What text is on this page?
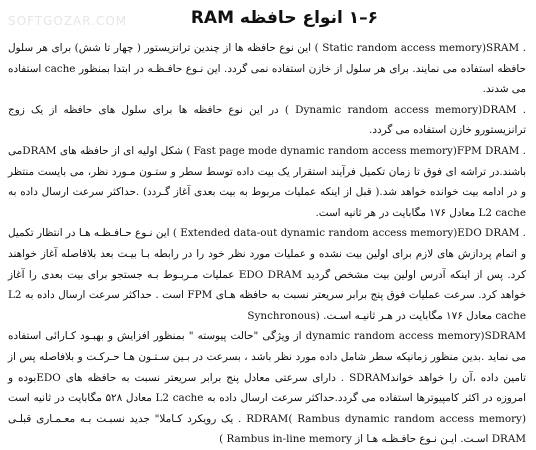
SOFTGOZAR.COM	۶–۱ انواع حافظه RAM

. Static random access memory)SRAM ) این نوع حافظه ها از چندین ترانزیستور ( چهار تا شش) برای هر سلول حافظه استفاده می نمایند. برای هر سلول از خازن استفاده نمی گردد. این نـوع حافـظـه در ابتدا بمنظور cache استفاده می شدند.

. Dynamic random access memory)DRAM ) در این نوع حافظه ها برای سلول های حافظه از یک زوج ترانزیستورو خازن استفاده می گردد.

. Fast page mode dynamic random access memory)FPM DRAM ) شکل اولیه ای از حافظه های DRAMمی باشند.در تراشه ای فوق تا زمان تکمیل فرآیند استقرار یک بیت داده توسط سطر و ستـون مـورد نظر، می بایست منتظر و در ادامه بیت خوانده خواهد شد.( قبل از اینکه عملیات مربوط به بیت بعدی آغاز گـردد) .حداکثر سرعت ارسال داده به L2 cache معادل ۱۷۶ مگابایت در هر ثانیه است.

. Extended data-out dynamic random access memory)EDO DRAM ) این نـوع حـافـظـه هـا در انتظار تکمیل و اتمام پردازش های لازم برای اولین بیت نشده و عملیات مورد نظر خود را در رابطه بـا بیـت بعد بلافاصله آغاز خواهند کرد. پس از اینکه آدرس اولین بیت مشخص گردید EDO DRAM عملیات مـربـوط بـه جستجو برای بیت بعدی را آغاز خواهد کرد. سرعت عملیات فوق پنج برابر سریعتر نسبت به حافظه هـای FPM است . حداکثر سرعت ارسال داده به L2 cache معادل ۱۷۶ مگابایت در هـر ثانیـه اسـت. (Synchronous

dynamic random access memory)SDRAM از ویژگی "حالت پیوسته " بمنظور افزایش و بهبـود کـارائی استفاده می نماید .بدین منظور زمانیکه سطر شامل داده مورد نظر باشد ، بسرعت در بـین سـتـون هـا حـرکـت و بلافاصله پس از تامین داده ،آن را خواهد خواندSDRAM . دارای سرعتی معادل پنج برابر سریعتر نسبت به حافظه های EDOبوده و امروزه در اکثر کامپیوترها استفاده می گردد.حداکثر سرعت ارسال داده به L2 cache معادل ۵۲۸ مگابایت در ثانیه است (Rambus dynamic random access memory )RDRAM . یک رویکرد کـاملا" جدید نسبـت بـه معـمـاری قبلـی DRAM اسـت. ایـن نـوع حافـظـه هـا از Rambus in-line memory )
